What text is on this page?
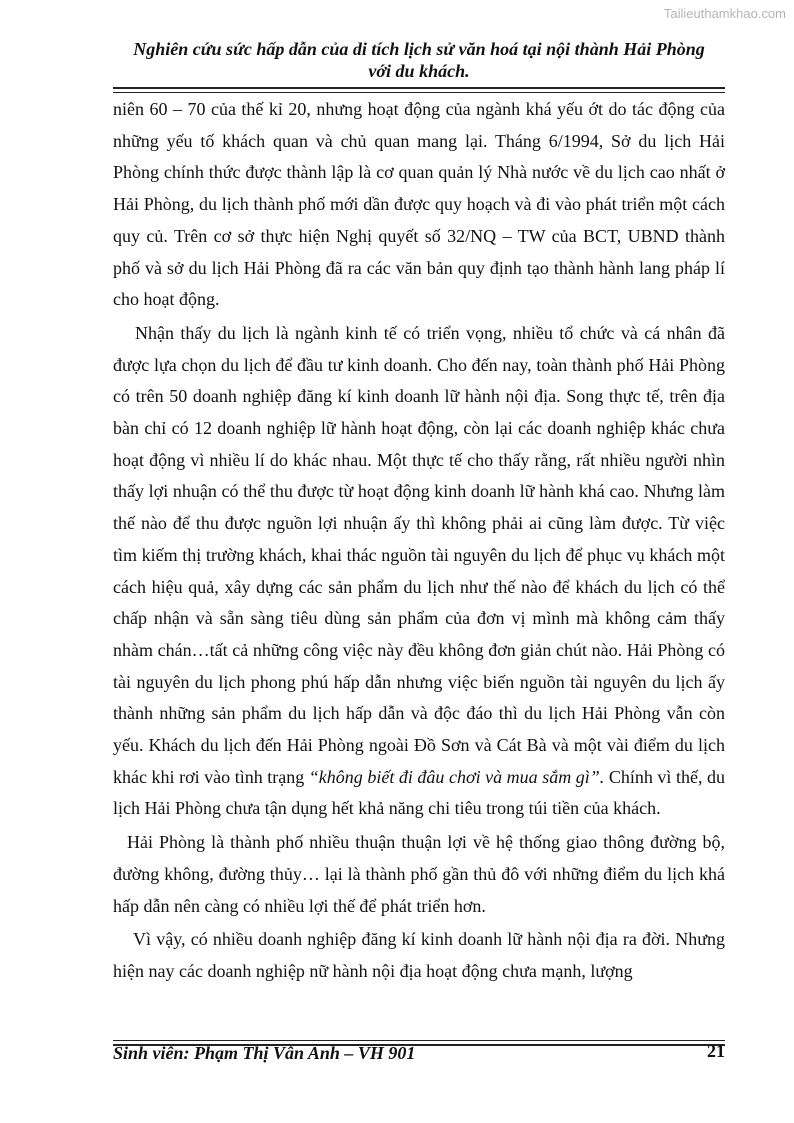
Tailieuthamkhao.com
Nghiên cứu sức hấp dẫn của di tích lịch sử văn hoá tại nội thành Hải Phòng
với du khách.

niên 60 – 70 của thế kỉ 20, nhưng hoạt động của ngành khá yếu ớt do tác động của những yếu tố khách quan và chủ quan mang lại. Tháng 6/1994, Sở du lịch Hải Phòng chính thức được thành lập là cơ quan quản lý Nhà nước về du lịch cao nhất ở Hải Phòng, du lịch thành phố mới dần được quy hoạch và đi vào phát triển một cách quy củ. Trên cơ sở thực hiện Nghị quyết số 32/NQ – TW của BCT, UBND thành phố và sở du lịch Hải Phòng đã ra các văn bản quy định tạo thành hành lang pháp lí cho hoạt động.

Nhận thấy du lịch là ngành kinh tế có triển vọng, nhiều tổ chức và cá nhân đã được lựa chọn du lịch để đầu tư kinh doanh. Cho đến nay, toàn thành phố Hải Phòng có trên 50 doanh nghiệp đăng kí kinh doanh lữ hành nội địa. Song thực tế, trên địa bàn chỉ có 12 doanh nghiệp lữ hành hoạt động, còn lại các doanh nghiệp khác chưa hoạt động vì nhiều lí do khác nhau. Một thực tế cho thấy rằng, rất nhiều người nhìn thấy lợi nhuận có thể thu được từ hoạt động kinh doanh lữ hành khá cao. Nhưng làm thế nào để thu được nguồn lợi nhuận ấy thì không phải ai cũng làm được. Từ việc tìm kiếm thị trường khách, khai thác nguồn tài nguyên du lịch để phục vụ khách một cách hiệu quả, xây dựng các sản phẩm du lịch như thế nào để khách du lịch có thể chấp nhận và sẵn sàng tiêu dùng sản phẩm của đơn vị mình mà không cảm thấy nhàm chán…tất cả những công việc này đều không đơn giản chút nào. Hải Phòng có tài nguyên du lịch phong phú hấp dẫn nhưng việc biến nguồn tài nguyên du lịch ấy thành những sản phẩm du lịch hấp dẫn và độc đáo thì du lịch Hải Phòng vẫn còn yếu. Khách du lịch đến Hải Phòng ngoài Đồ Sơn và Cát Bà và một vài điểm du lịch khác khi rơi vào tình trạng “không biết đi đâu chơi và mua sắm gì”. Chính vì thế, du lịch Hải Phòng chưa tận dụng hết khả năng chi tiêu trong túi tiền của khách.

Hải Phòng là thành phố nhiều thuận thuận lợi về hệ thống giao thông đường bộ, đường không, đường thủy… lại là thành phố gần thủ đô với những điểm du lịch khá hấp dẫn nên càng có nhiều lợi thế để phát triển hơn.

Vì vậy, có nhiều doanh nghiệp đăng kí kinh doanh lữ hành nội địa ra đời. Nhưng hiện nay các doanh nghiệp nữ hành nội địa hoạt động chưa mạnh, lượng

Sinh viên: Phạm Thị Vân Anh – VH 901	21
